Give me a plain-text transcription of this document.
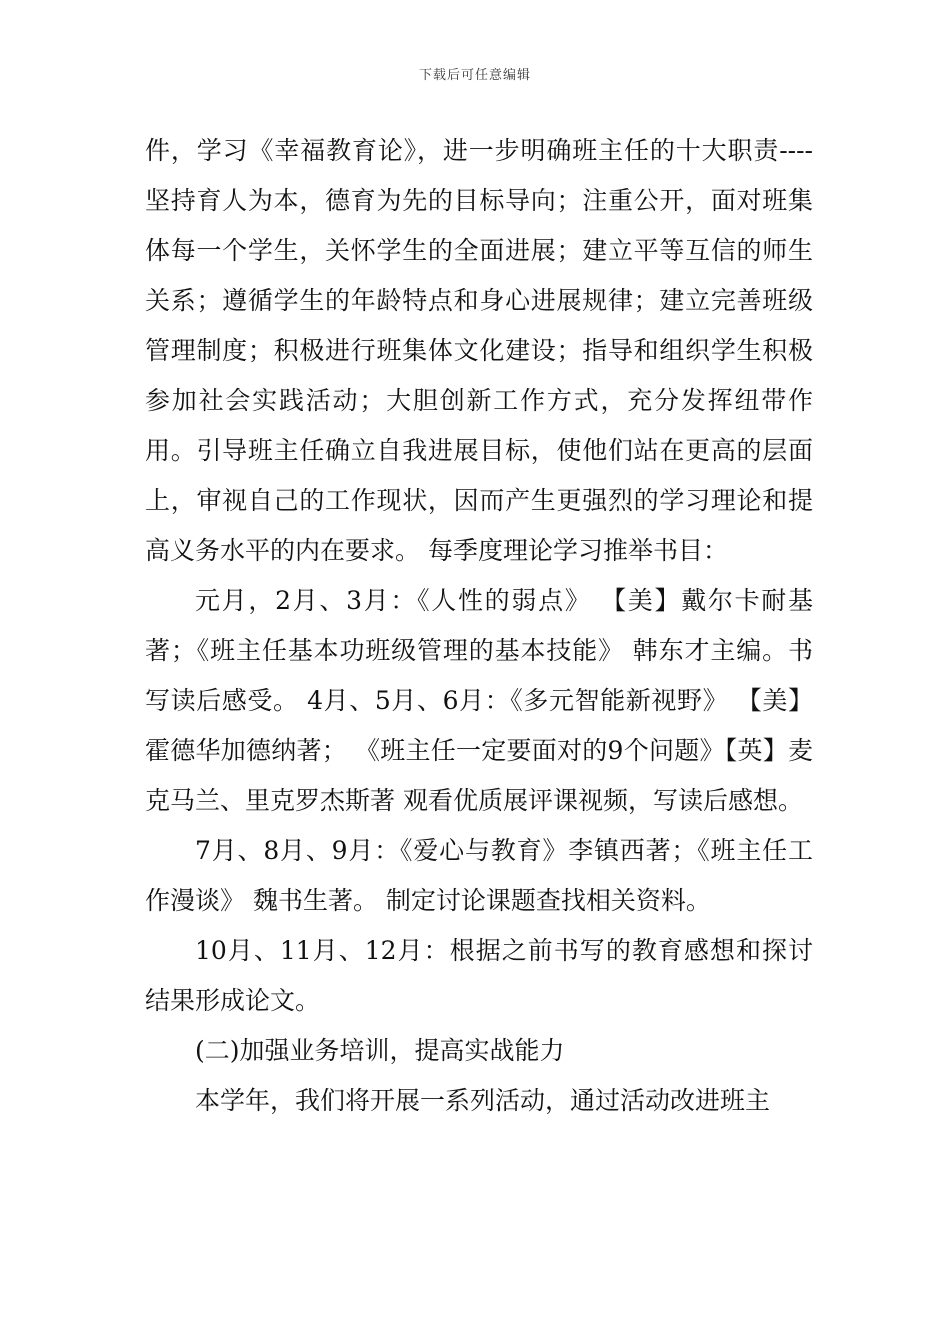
下载后可任意编辑

件，学习《幸福教育论》，进一步明确班主任的十大职责----坚持育人为本，德育为先的目标导向；注重公开，面对班集体每一个学生，关怀学生的全面进展；建立平等互信的师生关系；遵循学生的年龄特点和身心进展规律；建立完善班级管理制度；积极进行班集体文化建设；指导和组织学生积极参加社会实践活动；大胆创新工作方式，充分发挥纽带作用。引导班主任确立自我进展目标，使他们站在更高的层面上，审视自己的工作现状，因而产生更强烈的学习理论和提高义务水平的内在要求。 每季度理论学习推举书目：

元月，2月、3月：《人性的弱点》 【美】戴尔卡耐基著；《班主任基本功班级管理的基本技能》 韩东才主编。书写读后感受。 4月、5月、6月：《多元智能新视野》 【美】霍德华加德纳著； 《班主任一定要面对的9个问题》【英】麦克马兰、里克罗杰斯著 观看优质展评课视频，写读后感想。

7月、8月、9月：《爱心与教育》李镇西著；《班主任工作漫谈》 魏书生著。 制定讨论课题查找相关资料。

10月、11月、12月：根据之前书写的教育感想和探讨结果形成论文。

(二)加强业务培训，提高实战能力

本学年，我们将开展一系列活动，通过活动改进班主
